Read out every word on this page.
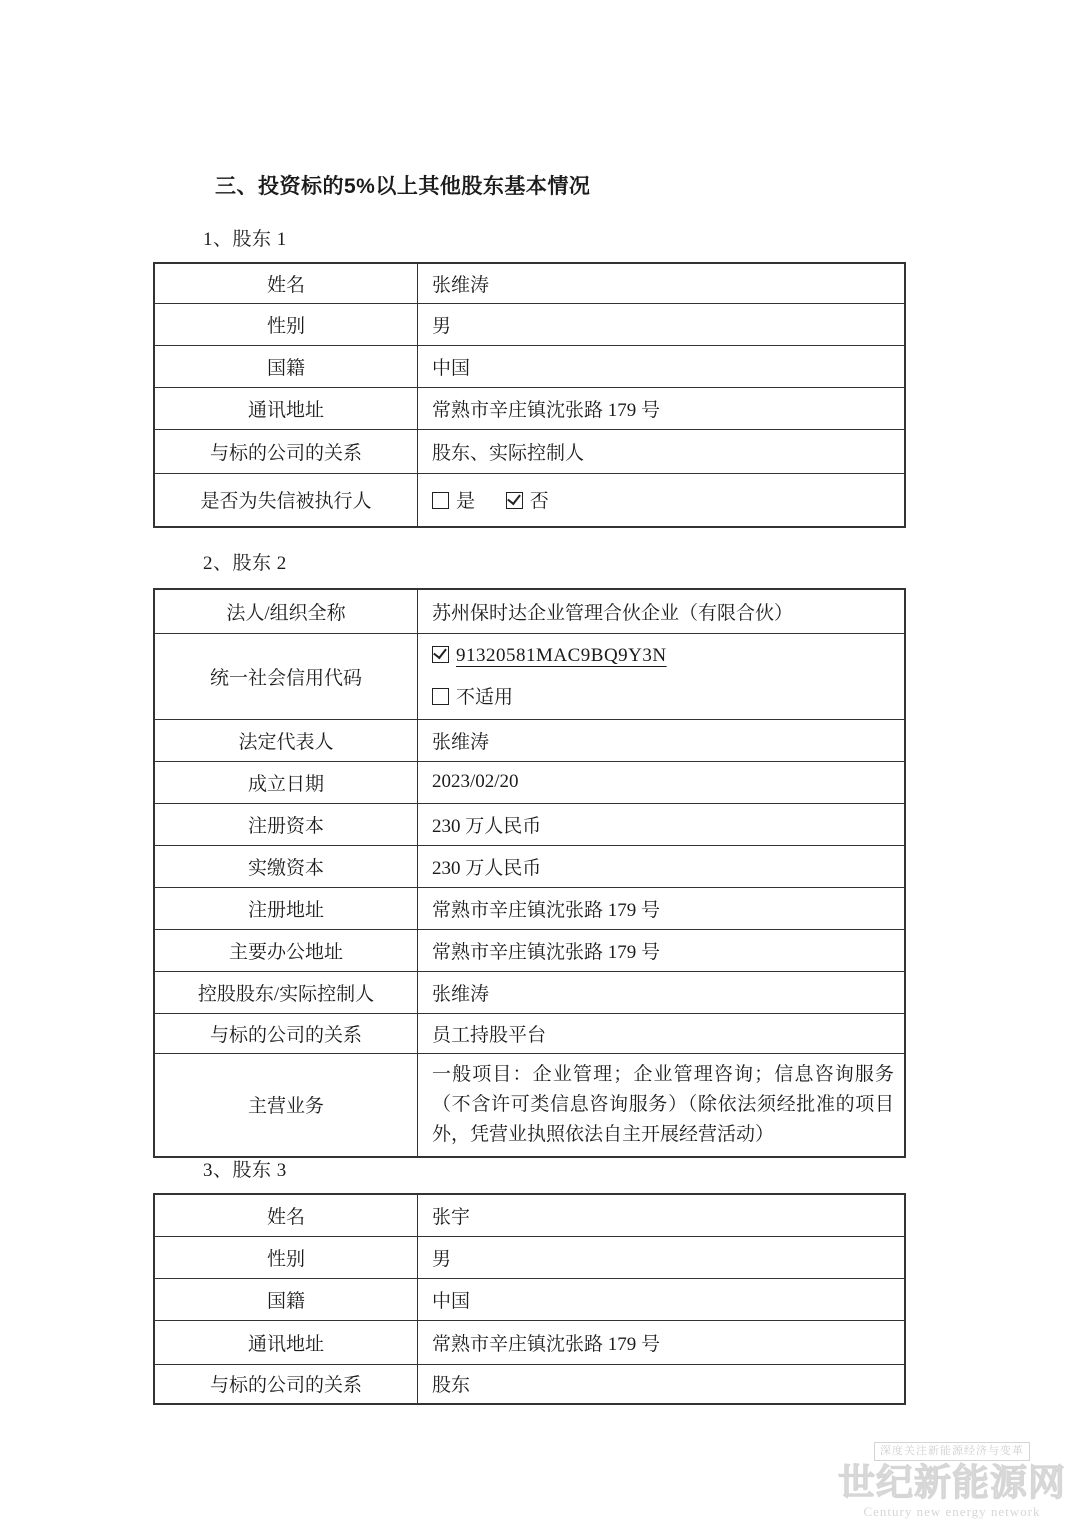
三、投资标的5%以上其他股东基本情况
1、股东 1
姓名	张维涛
性别	男
国籍	中国
通讯地址	常熟市辛庄镇沈张路 179 号
与标的公司的关系	股东、实际控制人
是否为失信被执行人	是 否
2、股东 2
法人/组织全称	苏州保时达企业管理合伙企业（有限合伙）
统一社会信用代码	91320581MAC9BQ9Y3N
不适用

法定代表人	张维涛
成立日期	2023/02/20
注册资本	230 万人民币
实缴资本	230 万人民币
注册地址	常熟市辛庄镇沈张路 179 号
主要办公地址	常熟市辛庄镇沈张路 179 号
控股股东/实际控制人	张维涛
与标的公司的关系	员工持股平台
主营业务	一般项目：企业管理；企业管理咨询；信息咨询服务（不含许可类信息咨询服务）（除依法须经批准的项目外，凭营业执照依法自主开展经营活动）
3、股东 3
姓名	张宇
性别	男
国籍	中国
通讯地址	常熟市辛庄镇沈张路 179 号
与标的公司的关系	股东
深度关注新能源经济与变革
世纪新能源网
Century new energy network
